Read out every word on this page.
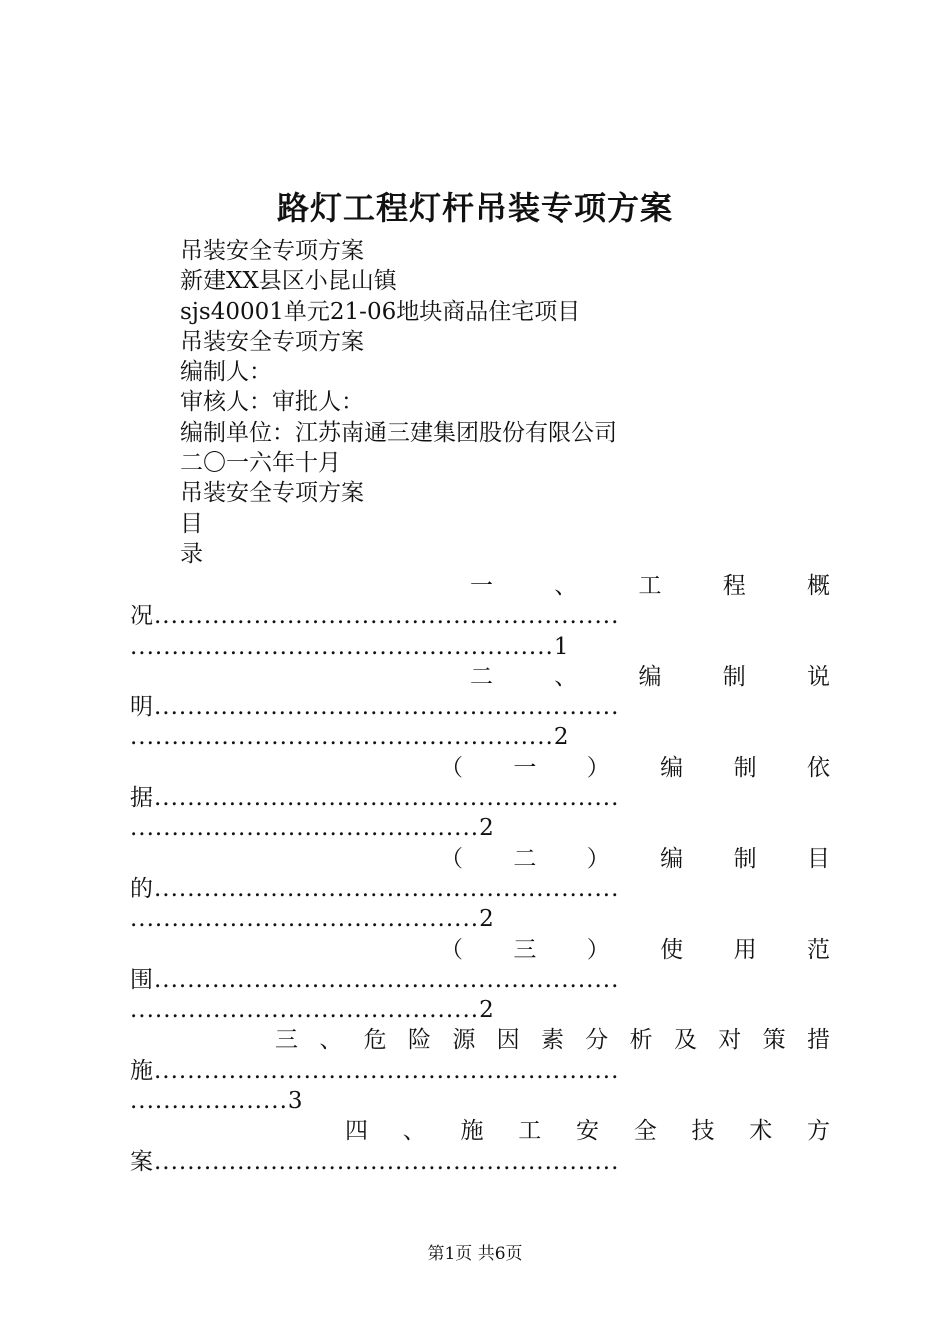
路灯工程灯杆吊装专项方案
吊装安全专项方案
新建XX县区小昆山镇
sjs40001单元21-06地块商品住宅项目
吊装安全专项方案
编制人：
审核人：审批人：
编制单位：江苏南通三建集团股份有限公司
二〇一六年十月
吊装安全专项方案
目
录
一	、	工	程	概
况........................................................
...................................................1
二	、	编	制	说
明........................................................
...................................................2
（ 一 ） 编 制 依
据........................................................
..........................................2
（ 二 ） 编 制 目
的........................................................
..........................................2
（ 三 ） 使 用 范
围........................................................
..........................................2
三 、 危 险 源 因 素 分 析 及 对 策 措
施........................................................
...................3
四 、 施 工 安 全 技 术 方
案........................................................
第1页 共6页
